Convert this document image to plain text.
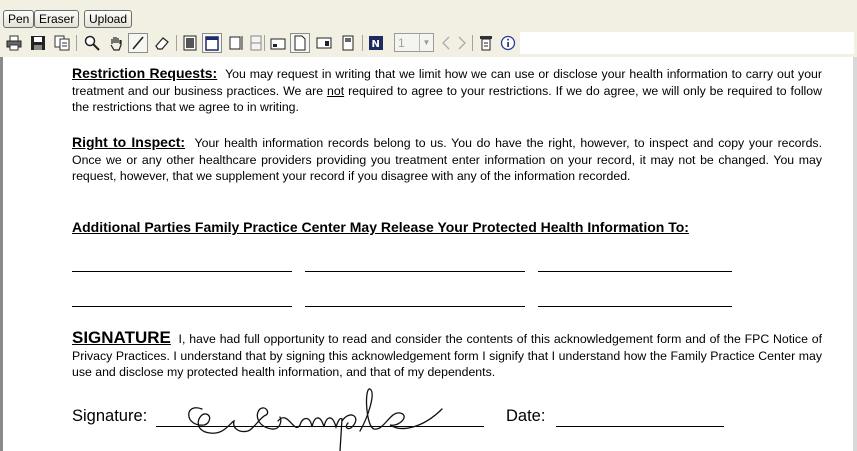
Pen Eraser	Upload
N 1	▼

Restriction Requests: You may request in writing that we limit how we can use or disclose your health information to carry out your treatment and our business practices. We are not required to agree to your restrictions. If we do agree, we will only be required to follow the restrictions that we agree to in writing.

Right to Inspect: Your health information records belong to us. You do have the right, however, to inspect and copy your records. Once we or any other healthcare providers providing you treatment enter information on your record, it may not be changed. You may request, however, that we supplement your record if you disagree with any of the information recorded.

Additional Parties Family Practice Center May Release Your Protected Health Information To:

SIGNATURE I, have had full opportunity to read and consider the contents of this acknowledgement form and of the FPC Notice of Privacy Practices. I understand that by signing this acknowledgement form I signify that I understand how the Family Practice Center may use and disclose my protected health information, and that of my dependents.

Signature:	Date:
